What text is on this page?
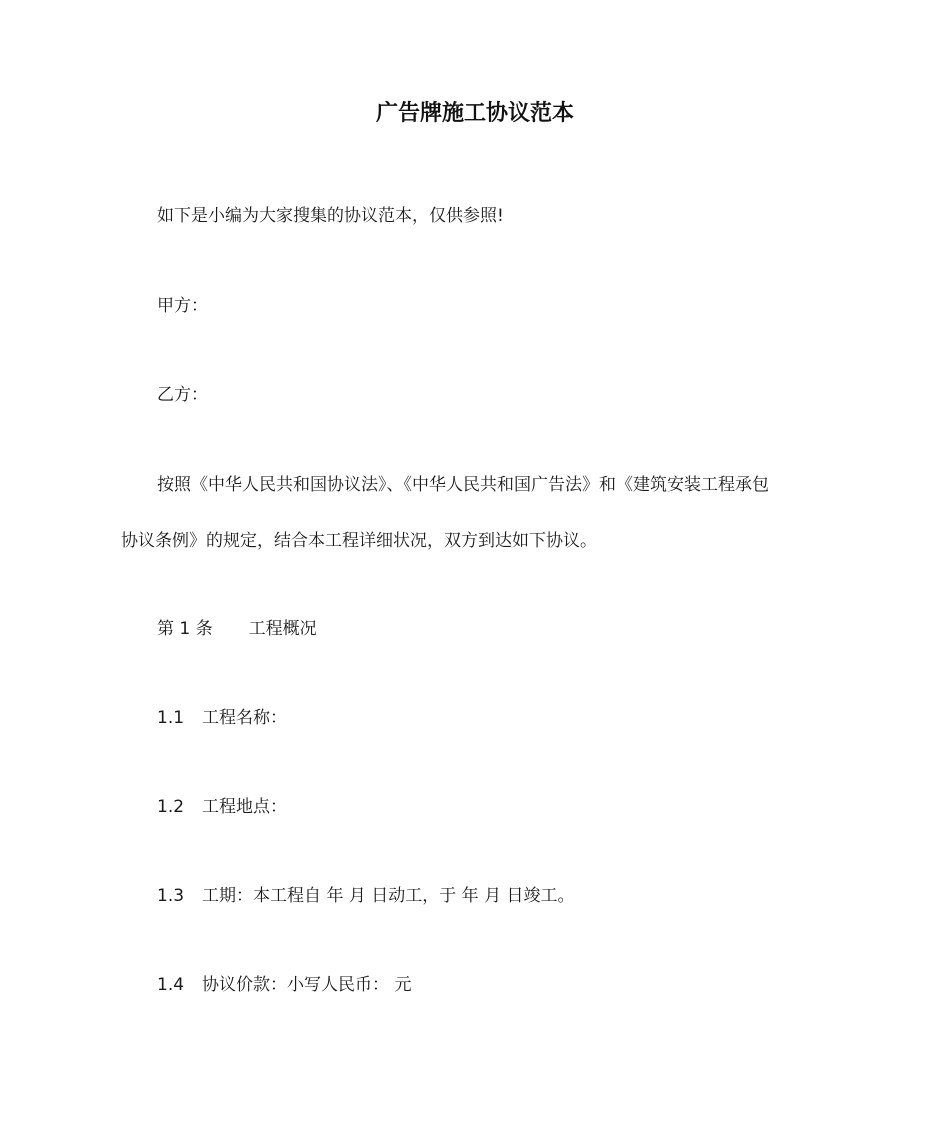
广告牌施工协议范本
如下是小编为大家搜集的协议范本，仅供参照!
甲方：
乙方：
按照《中华人民共和国协议法》、《中华人民共和国广告法》和《建筑安装工程承包
协议条例》的规定，结合本工程详细状况，双方到达如下协议。
第 1 条 工程概况
1.1 工程名称：
1.2 工程地点：
1.3 工期：本工程自 年 月 日动工，于 年 月 日竣工。
1.4 协议价款：小写人民币： 元
